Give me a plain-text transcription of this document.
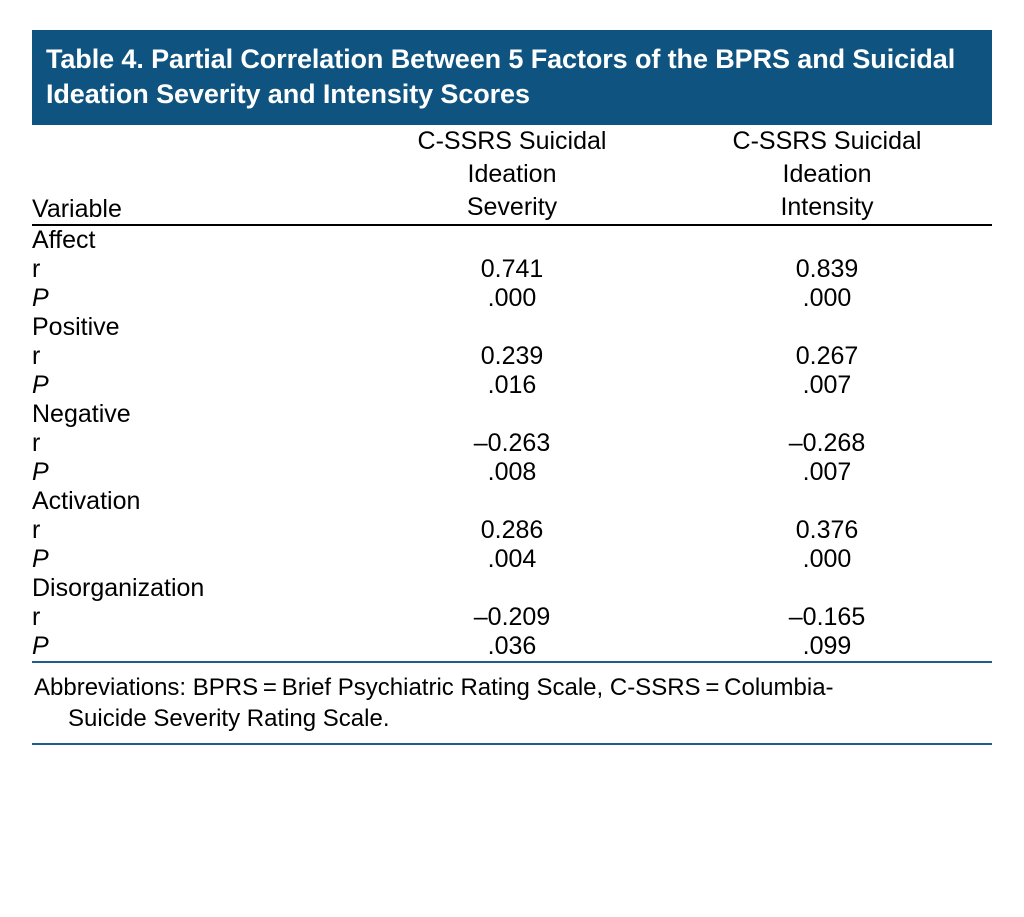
Table 4. Partial Correlation Between 5 Factors of the BPRS and Suicidal Ideation Severity and Intensity Scores
Variable	
C-SSRS Suicidal
Ideation
Severity

C-SSRS Suicidal
Ideation
Intensity

Affect		
r	0.741	0.839
P	.000	.000
Positive		
r	0.239	0.267
P	.016	.007
Negative		
r	–0.263	–0.268
P	.008	.007
Activation		
r	0.286	0.376
P	.004	.000
Disorganization		
r	–0.209	–0.165
P	.036	.099
Abbreviations: BPRS = Brief Psychiatric Rating Scale, C-SSRS = Columbia-
Suicide Severity Rating Scale.
